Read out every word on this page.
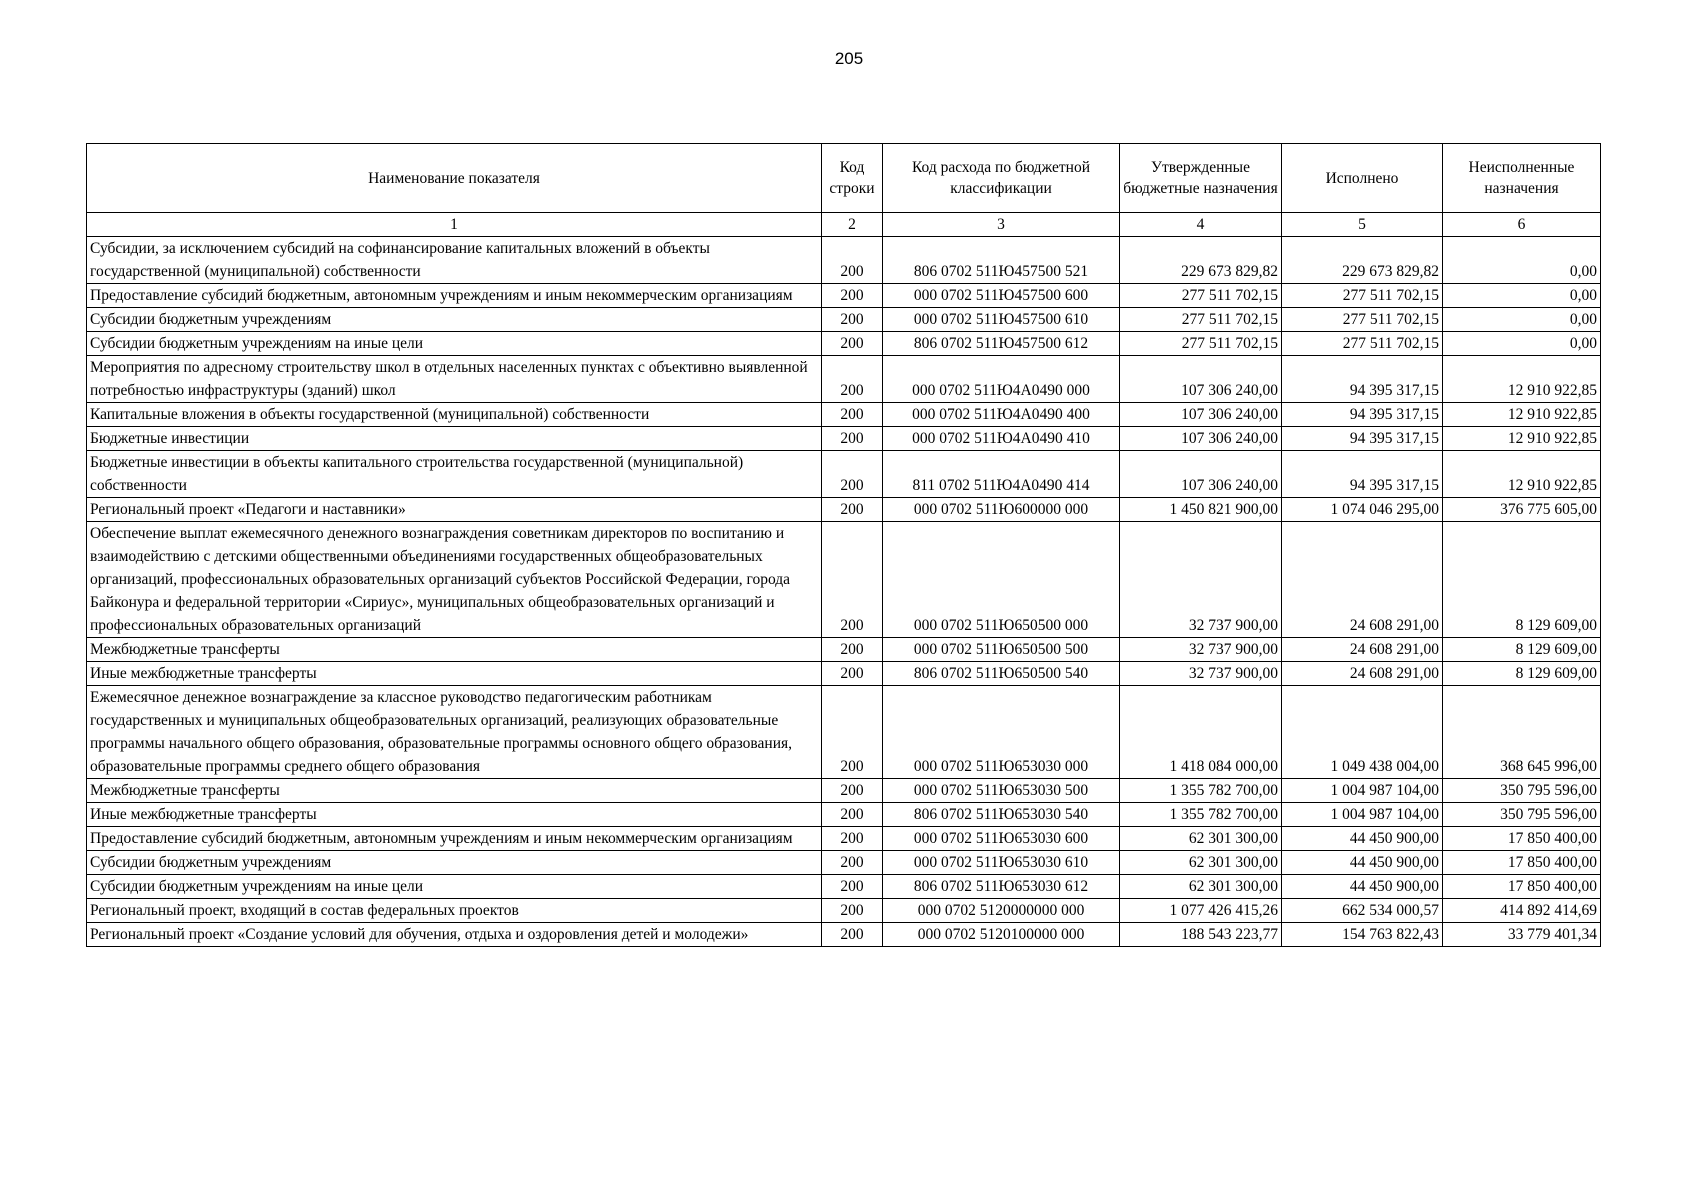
205
Наименование показателя	Код строки	Код расхода по бюджетной классификации	Утвержденные бюджетные назначения	Исполнено	Неисполненные назначения
1	2	3	4	5	6
Субсидии, за исключением субсидий на софинансирование капитальных вложений в объекты государственной (муниципальной) собственности	200	806 0702 511Ю457500 521	229 673 829,82	229 673 829,82	0,00
Предоставление субсидий бюджетным, автономным учреждениям и иным некоммерческим организациям	200	000 0702 511Ю457500 600	277 511 702,15	277 511 702,15	0,00
Субсидии бюджетным учреждениям	200	000 0702 511Ю457500 610	277 511 702,15	277 511 702,15	0,00
Субсидии бюджетным учреждениям на иные цели	200	806 0702 511Ю457500 612	277 511 702,15	277 511 702,15	0,00
Мероприятия по адресному строительству школ в отдельных населенных пунктах с объективно выявленной потребностью инфраструктуры (зданий) школ	200	000 0702 511Ю4А0490 000	107 306 240,00	94 395 317,15	12 910 922,85
Капитальные вложения в объекты государственной (муниципальной) собственности	200	000 0702 511Ю4А0490 400	107 306 240,00	94 395 317,15	12 910 922,85
Бюджетные инвестиции	200	000 0702 511Ю4А0490 410	107 306 240,00	94 395 317,15	12 910 922,85
Бюджетные инвестиции в объекты капитального строительства государственной (муниципальной) собственности	200	811 0702 511Ю4А0490 414	107 306 240,00	94 395 317,15	12 910 922,85
Региональный проект «Педагоги и наставники»	200	000 0702 511Ю600000 000	1 450 821 900,00	1 074 046 295,00	376 775 605,00
Обеспечение выплат ежемесячного денежного вознаграждения советникам директоров по воспитанию и взаимодействию с детскими общественными объединениями государственных общеобразовательных организаций, профессиональных образовательных организаций субъектов Российской Федерации, города Байконура и федеральной территории «Сириус», муниципальных общеобразовательных организаций и профессиональных образовательных организаций	200	000 0702 511Ю650500 000	32 737 900,00	24 608 291,00	8 129 609,00
Межбюджетные трансферты	200	000 0702 511Ю650500 500	32 737 900,00	24 608 291,00	8 129 609,00
Иные межбюджетные трансферты	200	806 0702 511Ю650500 540	32 737 900,00	24 608 291,00	8 129 609,00
Ежемесячное денежное вознаграждение за классное руководство педагогическим работникам государственных и муниципальных общеобразовательных организаций, реализующих образовательные программы начального общего образования, образовательные программы основного общего образования, образовательные программы среднего общего образования	200	000 0702 511Ю653030 000	1 418 084 000,00	1 049 438 004,00	368 645 996,00
Межбюджетные трансферты	200	000 0702 511Ю653030 500	1 355 782 700,00	1 004 987 104,00	350 795 596,00
Иные межбюджетные трансферты	200	806 0702 511Ю653030 540	1 355 782 700,00	1 004 987 104,00	350 795 596,00
Предоставление субсидий бюджетным, автономным учреждениям и иным некоммерческим организациям	200	000 0702 511Ю653030 600	62 301 300,00	44 450 900,00	17 850 400,00
Субсидии бюджетным учреждениям	200	000 0702 511Ю653030 610	62 301 300,00	44 450 900,00	17 850 400,00
Субсидии бюджетным учреждениям на иные цели	200	806 0702 511Ю653030 612	62 301 300,00	44 450 900,00	17 850 400,00
Региональный проект, входящий в состав федеральных проектов	200	000 0702 5120000000 000	1 077 426 415,26	662 534 000,57	414 892 414,69
Региональный проект «Создание условий для обучения, отдыха и оздоровления детей и молодежи»	200	000 0702 5120100000 000	188 543 223,77	154 763 822,43	33 779 401,34
